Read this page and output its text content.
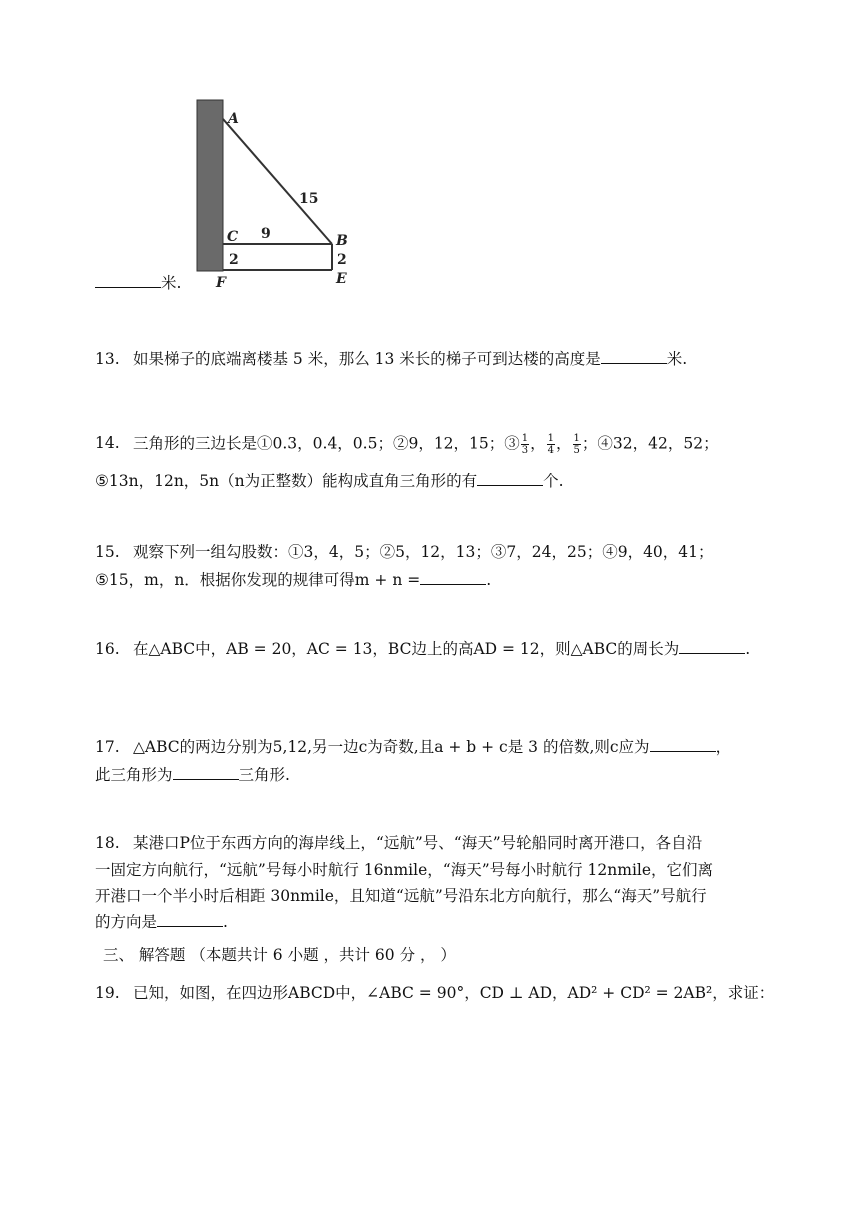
A
15
C 9	B
2	2
F	E
米.
13. 如果梯子的底端离楼基 5 米，那么 13 米长的梯子可到达楼的高度是	米.
14. 三角形的三边长是①0.3，0.4，0.5；②9，12，15；③ $\frac{1}{3}$ ， $\frac{1}{4}$ ， $\frac{1}{5}$ ；④32，42，52；
⑤13n，12n，5n（n为正整数）能构成直角三角形的有	个.
15. 观察下列一组勾股数：①3，4，5；②5，12，13；③7，24，25；④9，40，41；
⑤15，m，n．根据你发现的规律可得m + n =	.
16. 在△ABC中，AB = 20，AC = 13，BC边上的高AD = 12，则△ABC的周长为	.
17. △ABC的两边分别为5,12,另一边c为奇数,且a + b + c是 3 的倍数,则c应为	，
此三角形为	三角形.
18. 某港口P位于东西方向的海岸线上，“远航”号、“海天”号轮船同时离开港口，各自沿
一固定方向航行，“远航”号每小时航行 16nmile，“海天”号每小时航行 12nmile，它们离
开港口一个半小时后相距 30nmile，且知道“远航”号沿东北方向航行，那么“海天”号航行
的方向是	.
三、 解答题 （本题共计 6 小题 ，共计 60 分 ， ）
19. 已知，如图，在四边形ABCD中，∠ABC = 90°，CD ⊥ AD，AD² + CD² = 2AB²，求证：
